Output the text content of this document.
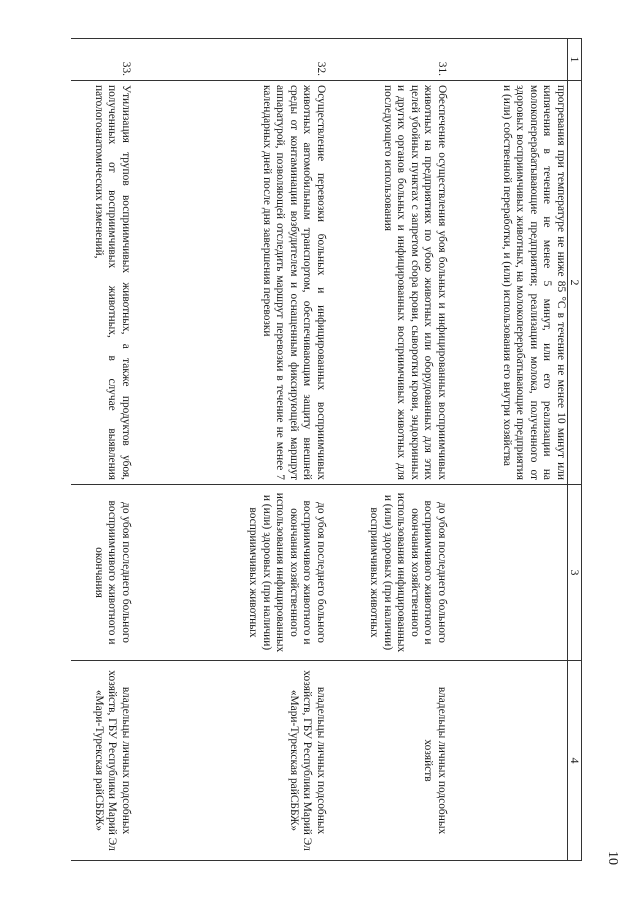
10
1	2	3	4
	прогревания при температуре не ниже 85 °С в течение не менее 10 минут или кипячения в течение не менее 5 минут, или его реализации на молокоперерабатывающие предприятия; реализации молока, полученного от здоровых восприимчивых животных, на молокоперерабатывающие предприятия и (или) собственной переработки, и (или) использования его внутри хозяйства		
31.	Обеспечение осуществления убоя больных и инфицированных восприимчивых животных на предприятиях по убою животных или оборудованных для этих целей убойных пунктах с запретом сбора крови, сыворотки крови, эндокринных и других органов больных и инфицированных восприимчивых животных для последующего использования	до убоя последнего больного восприимчивого животного и окончания хозяйственного использования инфицированных и (или) здоровых (при наличии) восприимчивых животных	владельцы личных подсобных хозяйств
32.	Осуществление перевозки больных и инфицированных восприимчивых животных автомобильным транспортом, обеспечивающим защиту внешней среды от контаминации возбудителем и оснащенным фиксирующей маршрут аппаратурой, позволяющей отследить маршрут перевозки в течение не менее 7 календарных дней после дня завершения перевозки	до убоя последнего больного восприимчивого животного и окончания хозяйственного использования инфицированных и (или) здоровых (при наличии) восприимчивых животных	владельцы личных подсобных хозяйств, ГБУ Республики Марий Эл «Мари-Турекская райСББЖ»
33.	Утилизация трупов восприимчивых животных, а также продуктов убоя, полученных от восприимчивых животных, в случае выявления патологоанатомических изменений,	до убоя последнего больного восприимчивого животного и окончания	владельцы личных подсобных хозяйств, ГБУ Республики Марий Эл «Мари-Турекская райСББЖ»
